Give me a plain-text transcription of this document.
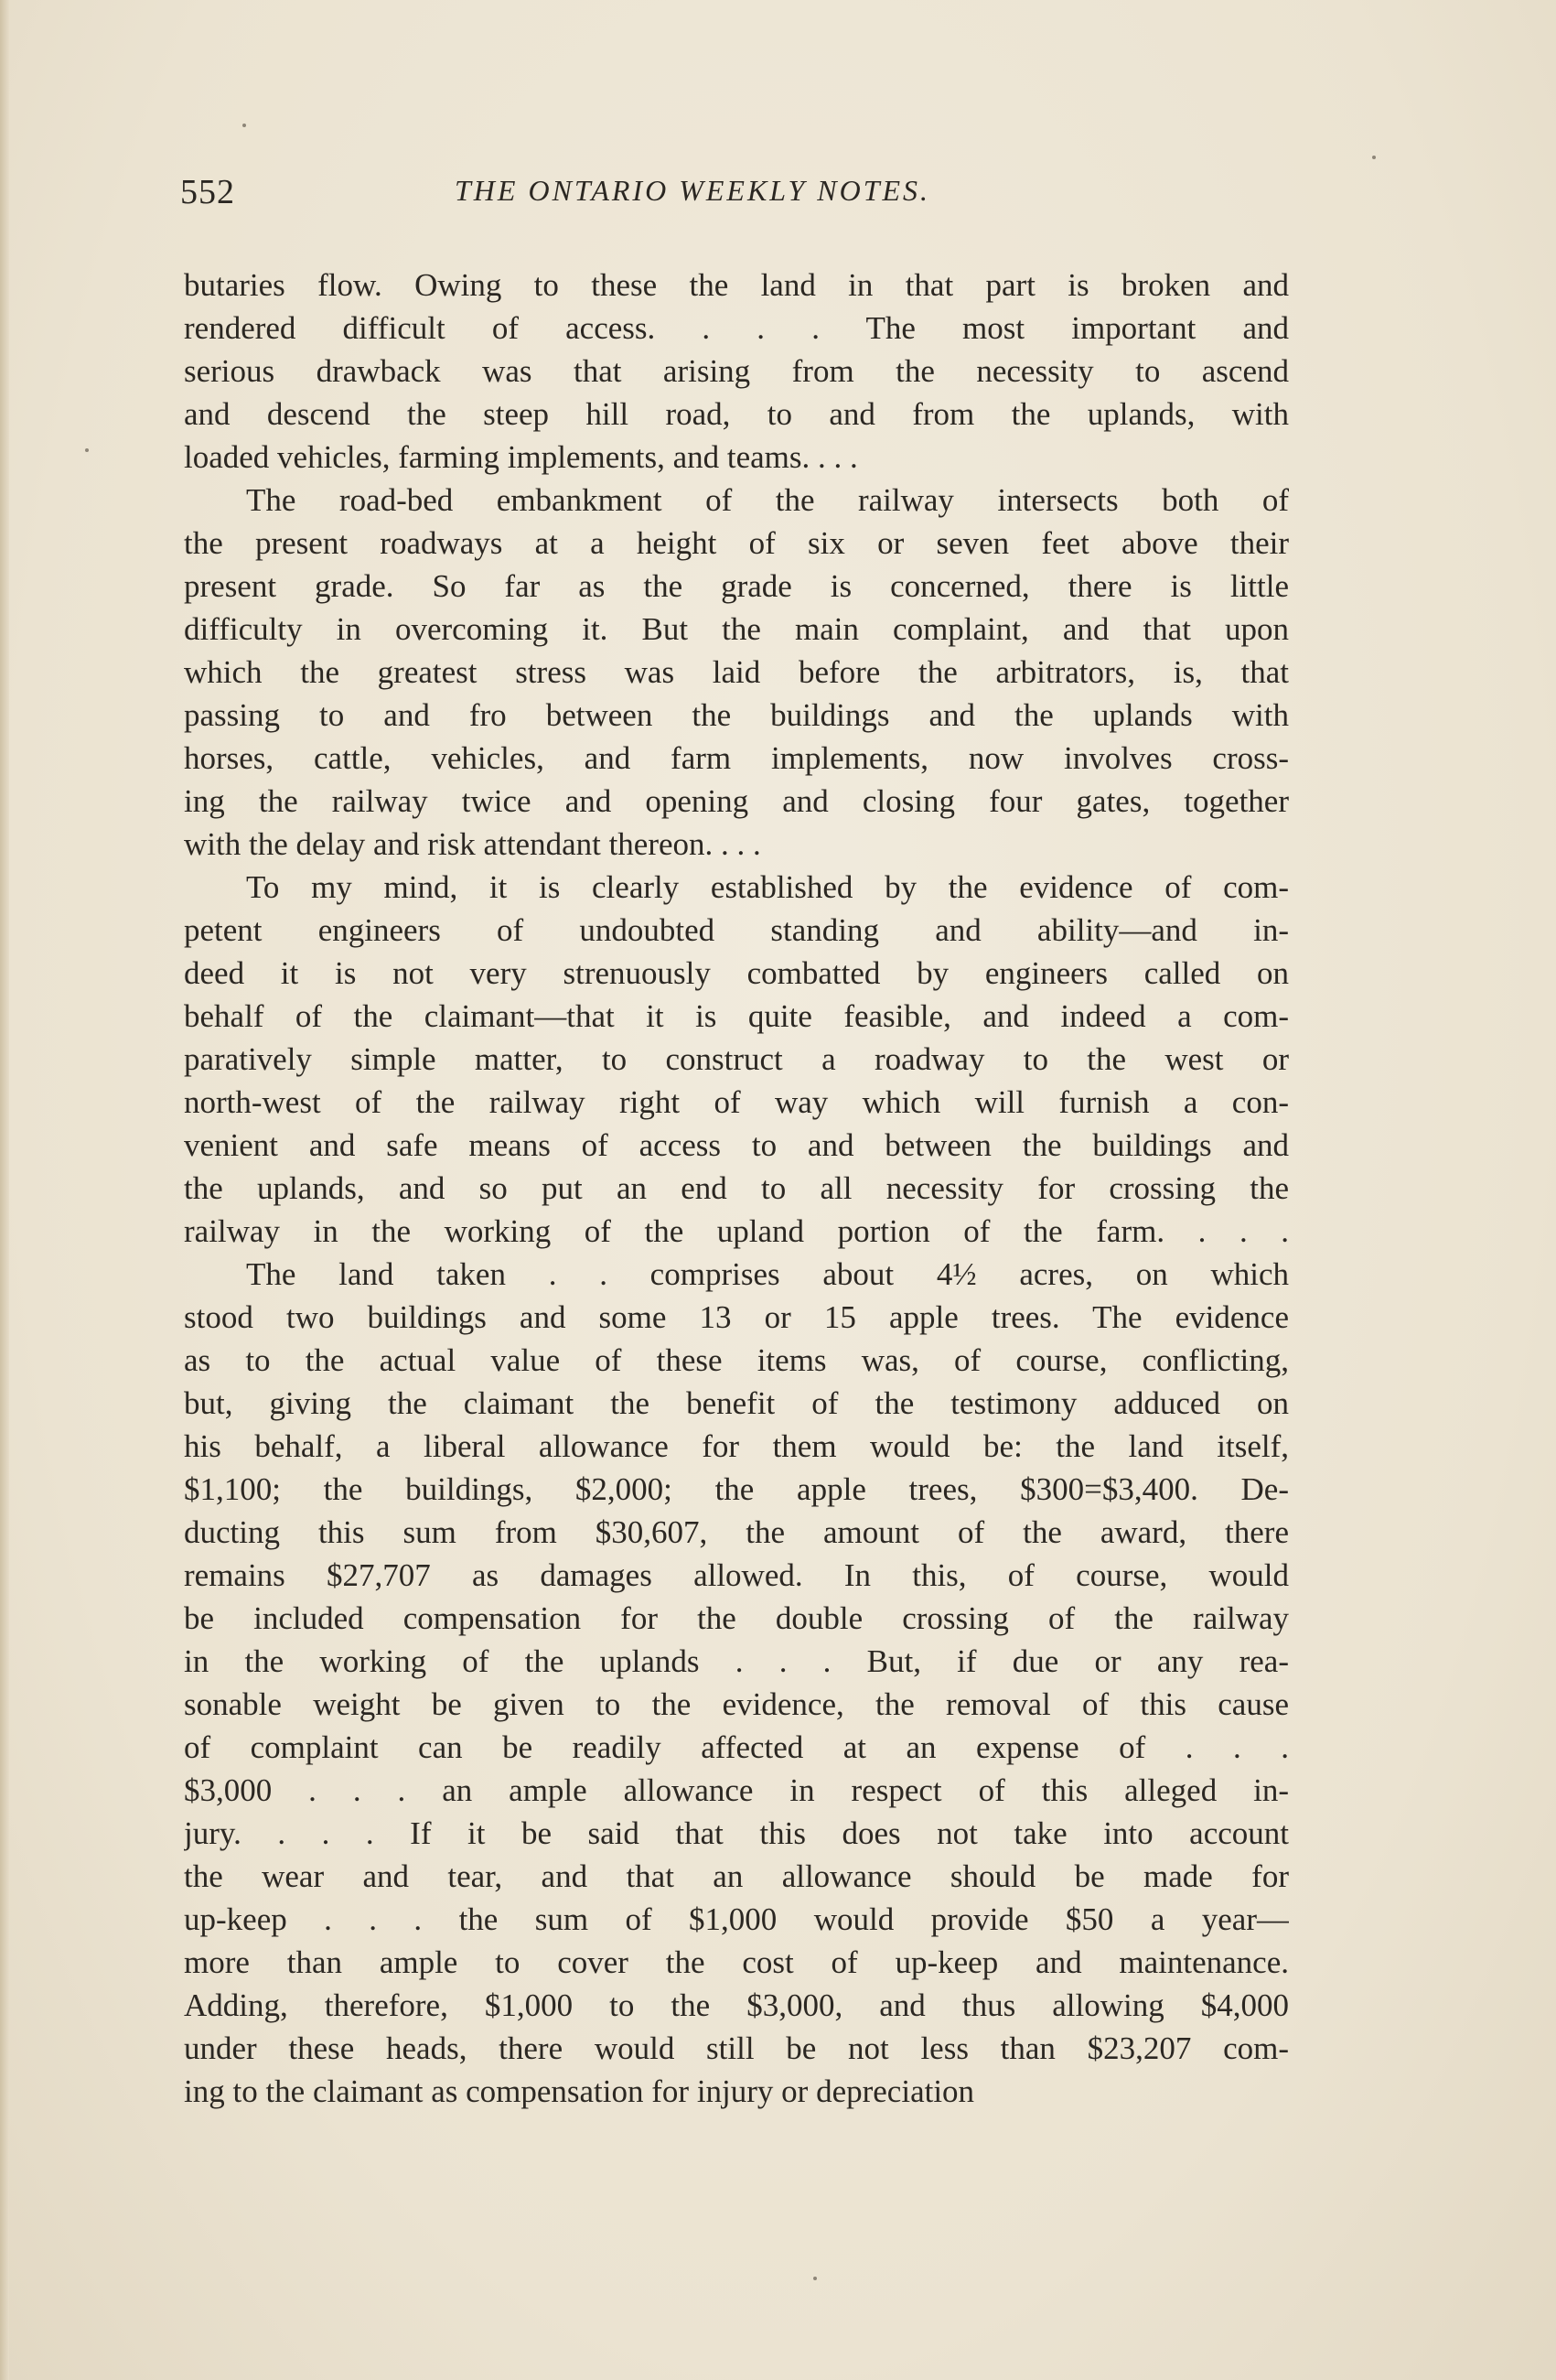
552	THE ONTARIO WEEKLY NOTES.
butaries flow. Owing to these the land in that part is broken and
rendered difficult of access. . . . The most important and
serious drawback was that arising from the necessity to ascend
and descend the steep hill road, to and from the uplands, with
loaded vehicles, farming implements, and teams. . . .
The road-bed embankment of the railway intersects both of
the present roadways at a height of six or seven feet above their
present grade. So far as the grade is concerned, there is little
difficulty in overcoming it. But the main complaint, and that upon
which the greatest stress was laid before the arbitrators, is, that
passing to and fro between the buildings and the uplands with
horses, cattle, vehicles, and farm implements, now involves cross-
ing the railway twice and opening and closing four gates, together
with the delay and risk attendant thereon. . . .
To my mind, it is clearly established by the evidence of com-
petent engineers of undoubted standing and ability—and in-
deed it is not very strenuously combatted by engineers called on
behalf of the claimant—that it is quite feasible, and indeed a com-
paratively simple matter, to construct a roadway to the west or
north-west of the railway right of way which will furnish a con-
venient and safe means of access to and between the buildings and
the uplands, and so put an end to all necessity for crossing the
railway in the working of the upland portion of the farm. . . .
The land taken . . comprises about 4½ acres, on which
stood two buildings and some 13 or 15 apple trees. The evidence
as to the actual value of these items was, of course, conflicting,
but, giving the claimant the benefit of the testimony adduced on
his behalf, a liberal allowance for them would be: the land itself,
$1,100; the buildings, $2,000; the apple trees, $300=$3,400. De-
ducting this sum from $30,607, the amount of the award, there
remains $27,707 as damages allowed. In this, of course, would
be included compensation for the double crossing of the railway
in the working of the uplands . . . But, if due or any rea-
sonable weight be given to the evidence, the removal of this cause
of complaint can be readily affected at an expense of . . .
$3,000 . . . an ample allowance in respect of this alleged in-
jury. . . . If it be said that this does not take into account
the wear and tear, and that an allowance should be made for
up-keep . . . the sum of $1,000 would provide $50 a year—
more than ample to cover the cost of up-keep and maintenance.
Adding, therefore, $1,000 to the $3,000, and thus allowing $4,000
under these heads, there would still be not less than $23,207 com-
ing to the claimant as compensation for injury or depreciation
